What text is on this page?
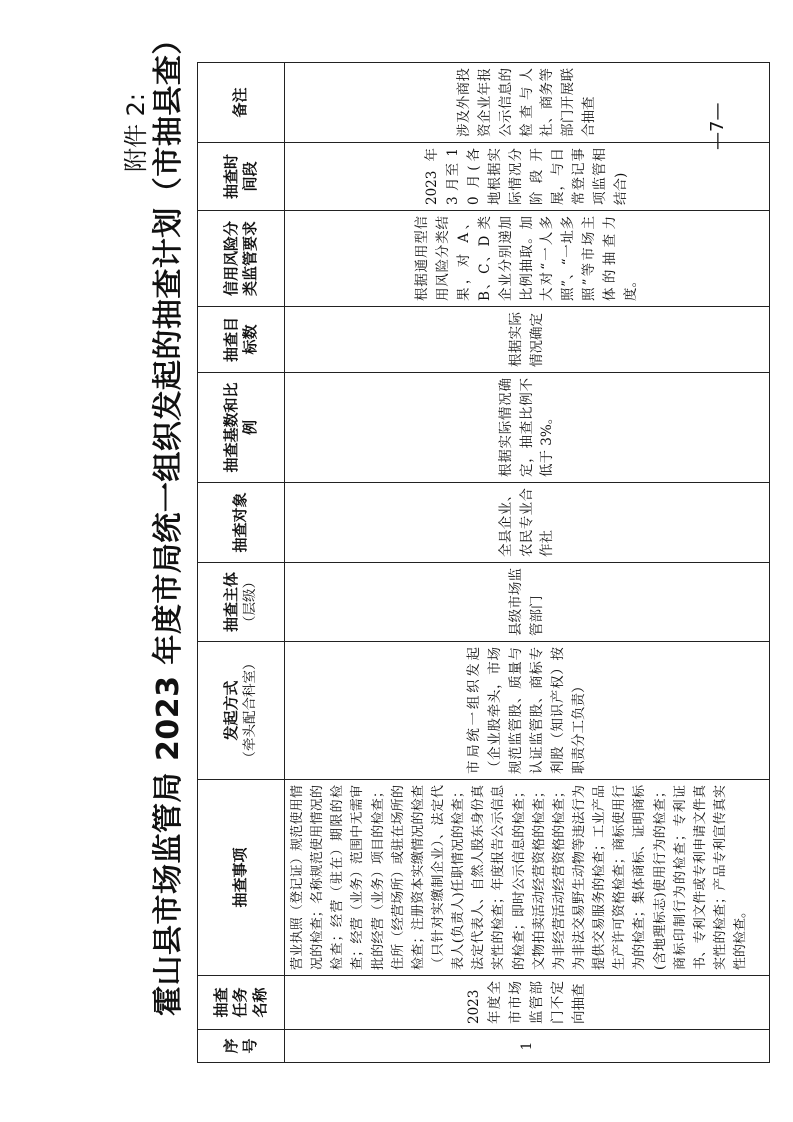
附件 2: 霍山县市场监管局 2023 年度市局统一组织发起的抽查计划（市抽县查）	—7—
序号	抽查任务名称	抽查事项	发起方式 （牵头配合科室）	抽查主体 （层级）	抽查对象	抽查基数和比例	抽查目标数	信用风险分类监管要求	抽查时间段	备注
1	2023 年度全市市场监管部门不定向抽查	营业执照（登记证）规范使用情况的检查；名称规范使用情况的检查；经营（驻在）期限的检查；经营（业务）范围中无需审批的经营（业务）项目的检查；住所（经营场所）或驻在场所的检查；注册资本实缴情况的检查（只针对实缴制企业）、法定代表人(负责人)任职情况的检查；法定代表人、自然人股东身份真实性的检查；年度报告公示信息的检查；即时公示信息的检查；文物拍卖活动经营资格的检查；为非经营活动经营资格的检查；为非法交易野生动物等违法行为提供交易服务的检查；工业产品生产许可资格检查；商标使用行为的检查；集体商标、证明商标(含地理标志)使用行为的检查；商标印制行为的检查；专利证书、专利文件或专利申请文件真实性的检查；产品专利宣传真实性的检查。	市局统一组织发起（企业股牵头，市场规范监管股、质量与认证监管股、商标专利股（知识产权）按职责分工负责）	县级市场监管部门	全县企业、农民专业合作社	根据实际情况确定，抽查比例不低于 3%。	根据实际情况确定	根据通用型信用风险分类结果，对 A、B、C、D 类企业分别递加比例抽取。加大对“一人多照”、“一址多照”等市场主体的抽查力度。	2023 年 3 月至 10 月(各地根据实际情况分阶段开展，与日常登记事项监管相结合)	涉及外商投资企业年报公示信息的检查与人社、商务等部门开展联合抽查
